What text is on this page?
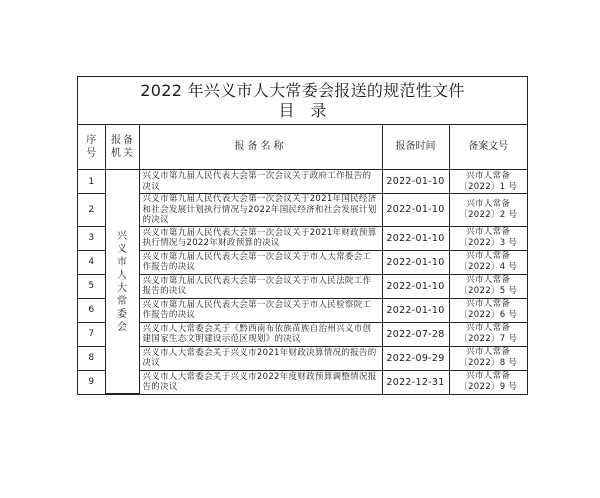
2022 年兴义市人大常委会报送的规范性文件
目录
序号	报备机关	报备名称	报备时间	备案文号
1	兴义市人大常委会	兴义市第九届人民代表大会第一次会议关于政府工作报告的决议	2022-01-10	兴市人常备
〔2022〕1 号

2		兴义市第九届人民代表大会第一次会议关于2021年国民经济和社会发展计划执行情况与2022年国民经济和社会发展计划的决议	2022-01-10	兴市人常备
〔2022〕2 号

3		兴义市第九届人民代表大会第一次会议关于2021年财政预算执行情况与2022年财政预算的决议	2022-01-10	兴市人常备
〔2022〕3 号

4		兴义市第九届人民代表大会第一次会议关于市人大常委会工作报告的决议	2022-01-10	兴市人常备
〔2022〕4 号

5		兴义市第九届人民代表大会第一次会议关于市人民法院工作报告的决议	2022-01-10	兴市人常备
〔2022〕5 号

6		兴义市第九届人民代表大会第一次会议关于市人民检察院工作报告的决议	2022-01-10	兴市人常备
〔2022〕6 号

7		兴义市人大常委会关于《黔西南布依族苗族自治州兴义市创建国家生态文明建设示范区规划》的决议	2022-07-28	兴市人常备
〔2022〕7 号

8		兴义市人大常委会关于兴义市2021年财政决算情况的报告的决议	2022-09-29	兴市人常备
〔2022〕8 号

9		兴义市人大常委会关于兴义市2022年度财政预算调整情况报告的决议	2022-12-31	兴市人常备
〔2022〕9 号
